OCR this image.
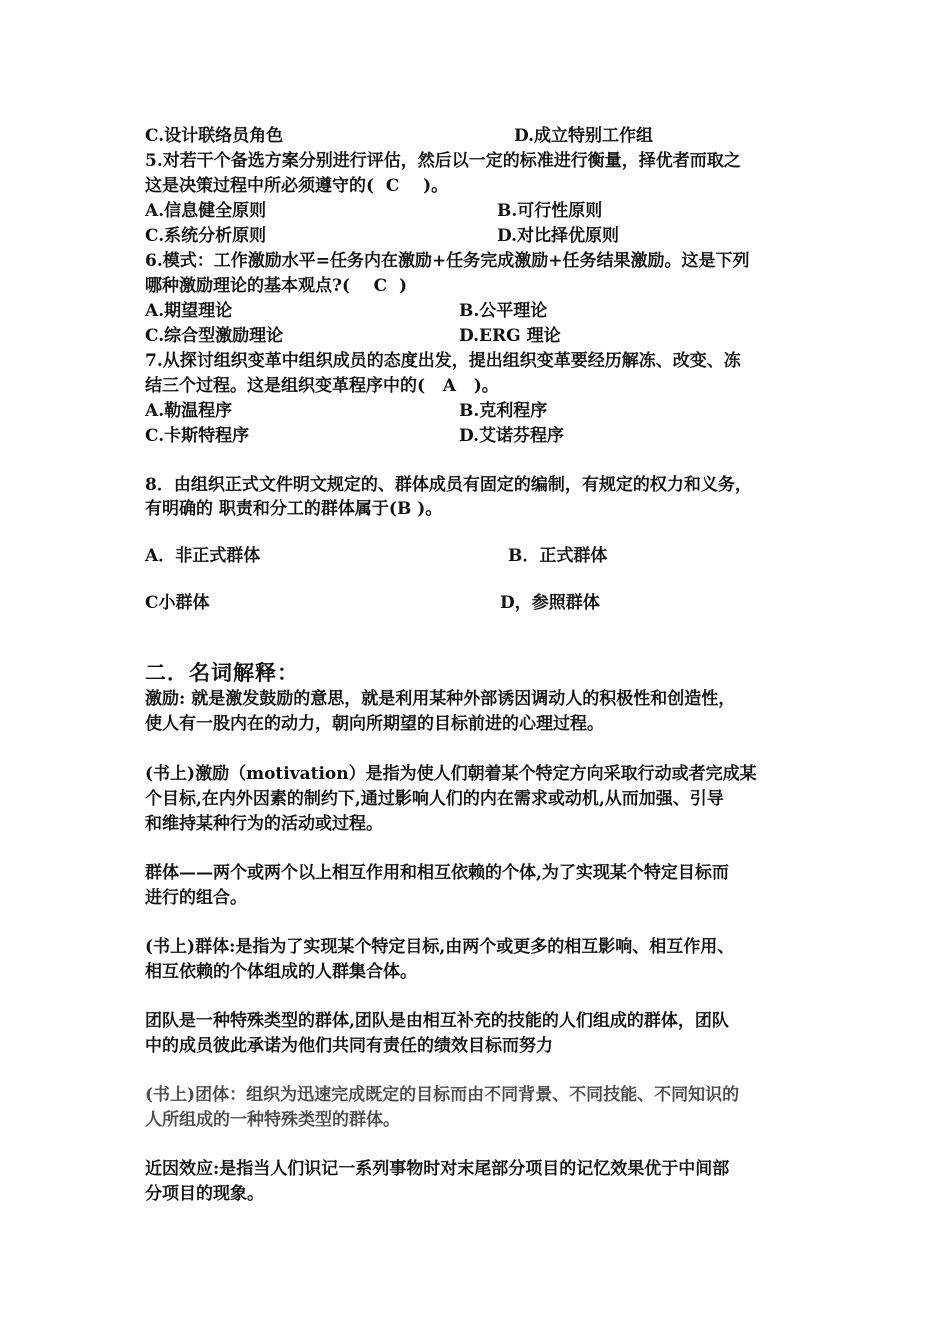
C.设计联络员角色	D.成立特别工作组
5.对若干个备选方案分别进行评估，然后以一定的标准进行衡量，择优者而取之
这是决策过程中所必须遵守的(  C    )。
A.信息健全原则	B.可行性原则
C.系统分析原则	D.对比择优原则
6.模式：工作激励水平=任务内在激励+任务完成激励+任务结果激励。这是下列
哪种激励理论的基本观点?(    C  )
A.期望理论	B.公平理论
C.综合型激励理论	D.ERG 理论
7.从探讨组织变革中组织成员的态度出发，提出组织变革要经历解冻、改变、冻
结三个过程。这是组织变革程序中的(   A   )。
A.勒温程序	B.克利程序
C.卡斯特程序	D.艾诺芬程序
8．由组织正式文件明文规定的、群体成员有固定的编制，有规定的权力和义务，
有明确的 职责和分工的群体属于(B )。
A．非正式群体	B．正式群体
C小群体	D，参照群体
二．名词解释：
激励: 就是激发鼓励的意思，就是利用某种外部诱因调动人的积极性和创造性，
使人有一股内在的动力，朝向所期望的目标前进的心理过程。
(书上)激励（motivation）是指为使人们朝着某个特定方向采取行动或者完成某
个目标,在内外因素的制约下,通过影响人们的内在需求或动机,从而加强、引导
和维持某种行为的活动或过程。
群体——两个或两个以上相互作用和相互依赖的个体,为了实现某个特定目标而
进行的组合。
(书上)群体:是指为了实现某个特定目标,由两个或更多的相互影响、相互作用、
相互依赖的个体组成的人群集合体。
团队是一种特殊类型的群体,团队是由相互补充的技能的人们组成的群体，团队
中的成员彼此承诺为他们共同有责任的绩效目标而努力
(书上)团体：组织为迅速完成既定的目标而由不同背景、不同技能、不同知识的
人所组成的一种特殊类型的群体。
近因效应:是指当人们识记一系列事物时对末尾部分项目的记忆效果优于中间部
分项目的现象。
